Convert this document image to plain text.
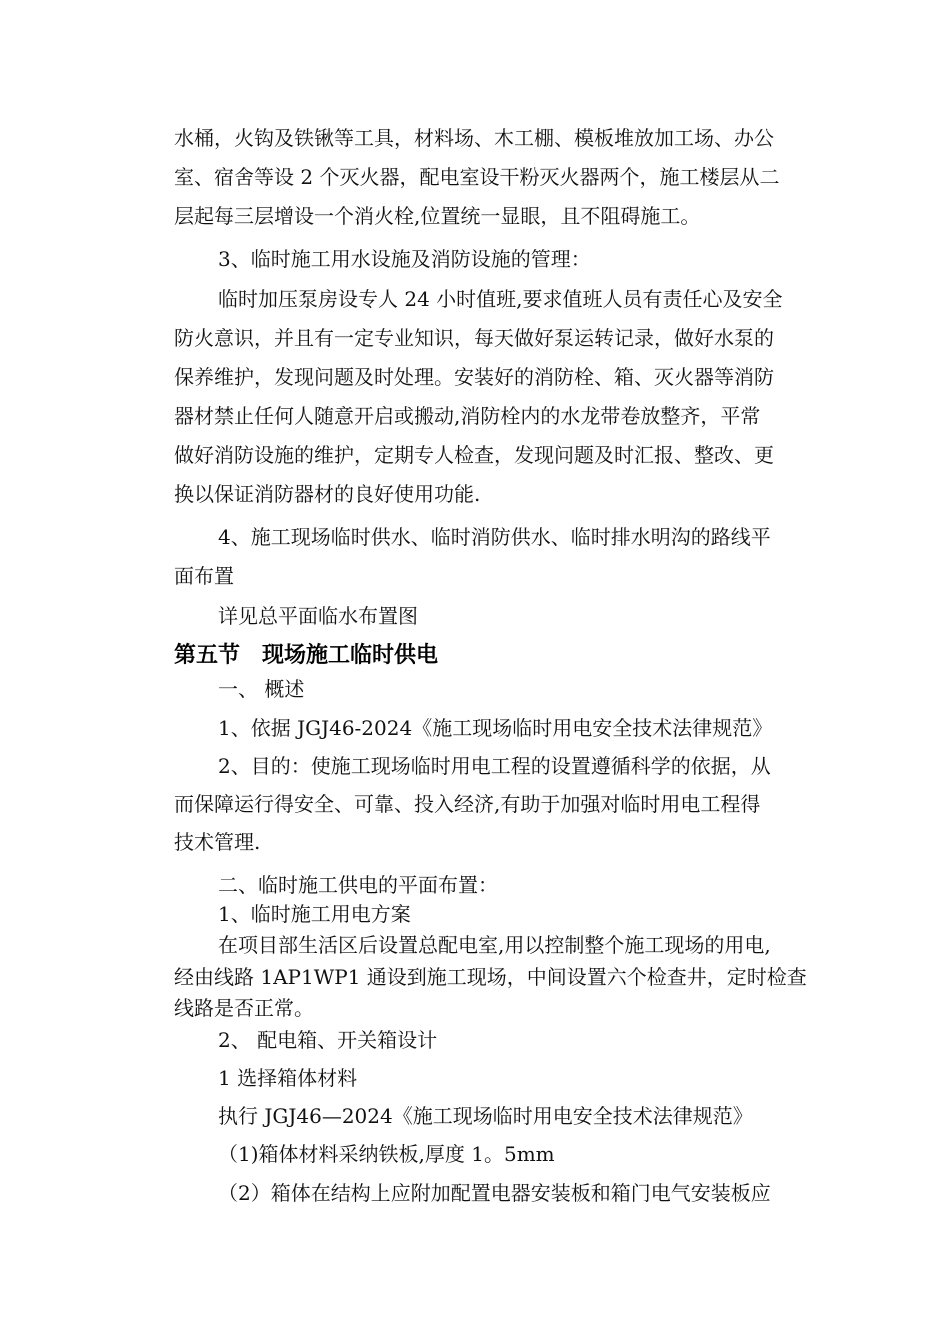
水桶，火钩及铁锹等工具，材料场、木工棚、模板堆放加工场、办公
室、宿舍等设 2 个灭火器，配电室设干粉灭火器两个，施工楼层从二
层起每三层增设一个消火栓,位置统一显眼，且不阻碍施工。
3、临时施工用水设施及消防设施的管理：
临时加压泵房设专人 24 小时值班,要求值班人员有责任心及安全
防火意识，并且有一定专业知识，每天做好泵运转记录，做好水泵的
保养维护，发现问题及时处理。安装好的消防栓、箱、灭火器等消防
器材禁止任何人随意开启或搬动,消防栓内的水龙带卷放整齐，平常
做好消防设施的维护，定期专人检查，发现问题及时汇报、整改、更
换以保证消防器材的良好使用功能.
4、施工现场临时供水、临时消防供水、临时排水明沟的路线平
面布置
详见总平面临水布置图
第五节　现场施工临时供电
一、 概述
1、依据 JGJ46-2024《施工现场临时用电安全技术法律规范》
2、目的：使施工现场临时用电工程的设置遵循科学的依据，从
而保障运行得安全、可靠、投入经济,有助于加强对临时用电工程得
技术管理.
二、临时施工供电的平面布置：
1、临时施工用电方案
在项目部生活区后设置总配电室,用以控制整个施工现场的用电,
经由线路 1AP1WP1 通设到施工现场，中间设置六个检查井，定时检查
线路是否正常。
2、 配电箱、开关箱设计
1 选择箱体材料
执行 JGJ46—2024《施工现场临时用电安全技术法律规范》
（1)箱体材料采纳铁板,厚度 1。5mm
（2）箱体在结构上应附加配置电器安装板和箱门电气安装板应
